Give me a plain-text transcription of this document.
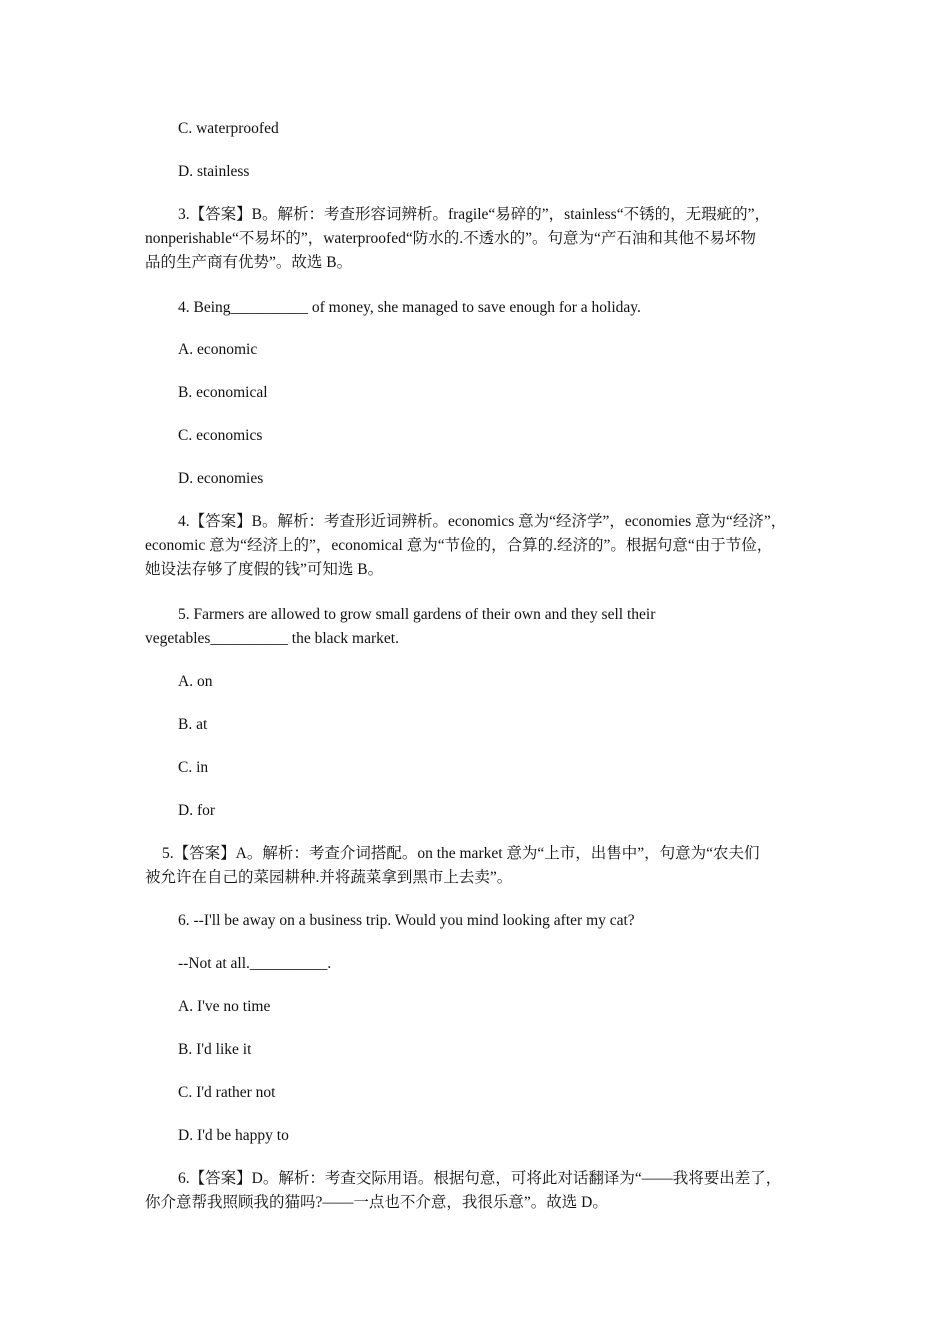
C. waterproofed
D. stainless
3.【答案】B。解析：考查形容词辨析。fragile“易碎的”，stainless“不锈的，无瑕疵的”，
nonperishable“不易坏的”，waterproofed“防水的.不透水的”。句意为“产石油和其他不易坏物
品的生产商有优势”。故选 B。
4. Being__________ of money, she managed to save enough for a holiday.
A. economic
B. economical
C. economics
D. economies
4.【答案】B。解析：考查形近词辨析。economics 意为“经济学”，economies 意为“经济”，
economic 意为“经济上的”，economical 意为“节俭的，合算的.经济的”。根据句意“由于节俭，
她设法存够了度假的钱”可知选 B。
5. Farmers are allowed to grow small gardens of their own and they sell their
vegetables__________ the black market.
A. on
B. at
C. in
D. for
5.【答案】A。解析：考查介词搭配。on the market 意为“上市，出售中”，句意为“农夫们
被允许在自己的菜园耕种.并将蔬菜拿到黑市上去卖”。
6. --I'll be away on a business trip. Would you mind looking after my cat?
--Not at all.__________.
A. I've no time
B. I'd like it
C. I'd rather not
D. I'd be happy to
6.【答案】D。解析：考查交际用语。根据句意，可将此对话翻译为“——我将要出差了，
你介意帮我照顾我的猫吗?——一点也不介意，我很乐意”。故选 D。
